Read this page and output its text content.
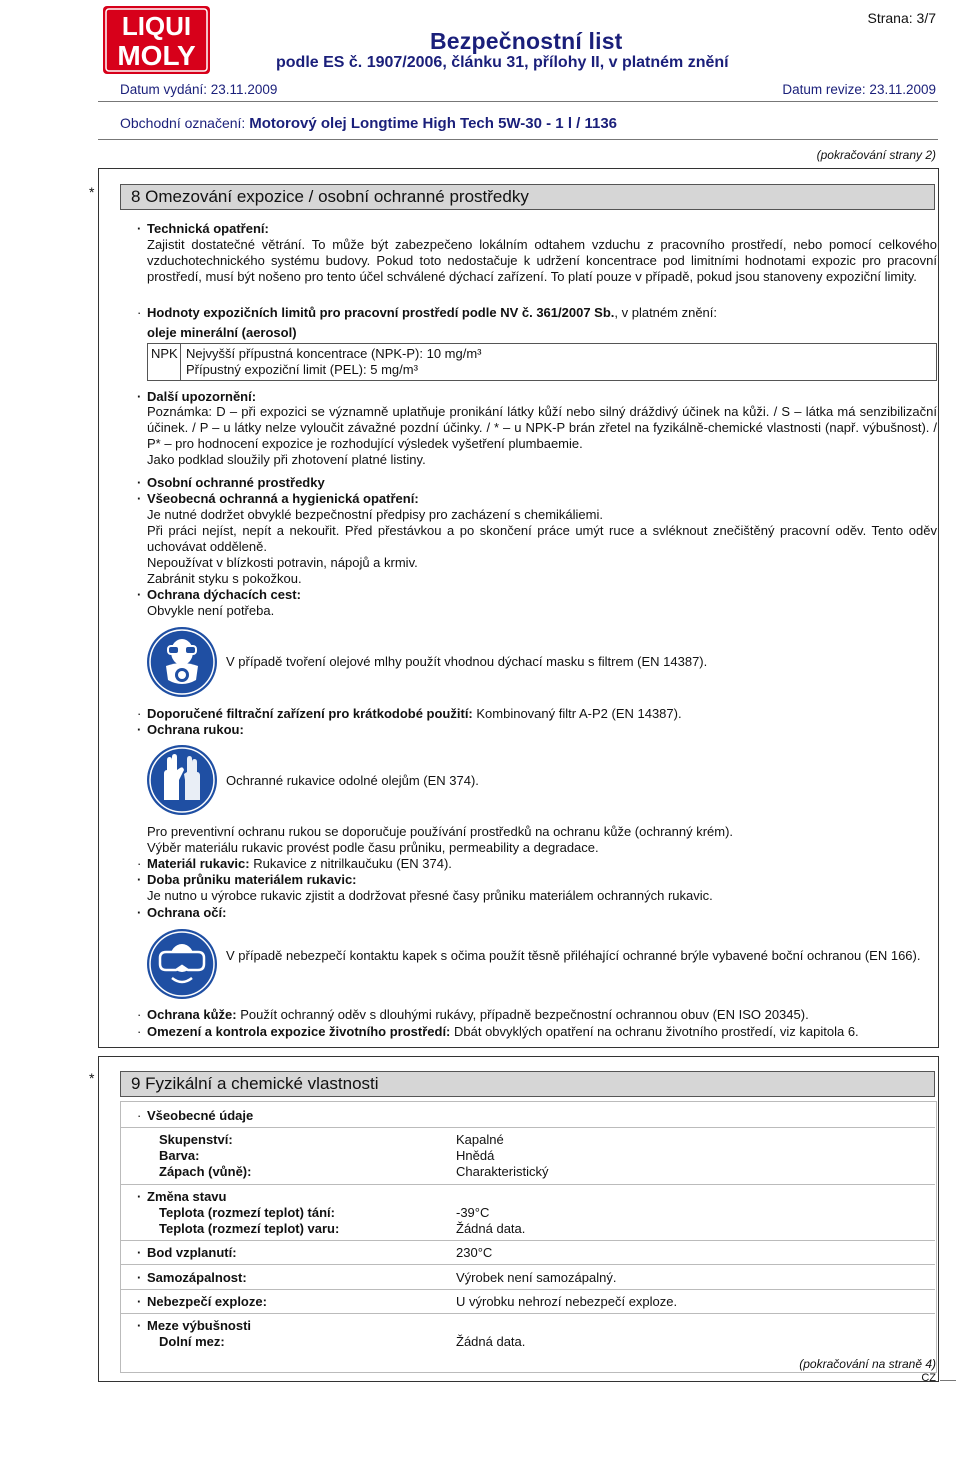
LIQUI
MOLY
Strana: 3/7
Bezpečnostní list
podle ES č. 1907/2006, článku 31, přílohy II, v platném znění
Datum vydání: 23.11.2009	Datum revize: 23.11.2009
Obchodní označení: Motorový olej Longtime High Tech 5W-30 - 1 l / 1136
(pokračování strany 2)
*	8 Omezování expozice / osobní ochranné prostředky
· Technická opatření:
Zajistit dostatečné větrání. To může být zabezpečeno lokálním odtahem vzduchu z pracovního prostředí, nebo pomocí celkového vzduchotechnického systému budovy. Pokud toto nedostačuje k udržení koncentrace pod limitními hodnotami expozic pro pracovní prostředí, musí být nošeno pro tento účel schválené dýchací zařízení. To platí pouze v případě, pokud jsou stanoveny expoziční limity.
· Hodnoty expozičních limitů pro pracovní prostředí podle NV č. 361/2007 Sb., v platném znění:
oleje minerální (aerosol)
NPK Nejvyšší přípustná koncentrace (NPK-P): 10 mg/m³
Přípustný expoziční limit (PEL): 5 mg/m³
· Další upozornění:
Poznámka: D – při expozici se významně uplatňuje pronikání látky kůží nebo silný dráždivý účinek na kůži. / S – látka má senzibilizační účinek. / P – u látky nelze vyloučit závažné pozdní účinky. / * – u NPK-P brán zřetel na fyzikálně-chemické vlastnosti (např. výbušnost). / P* – pro hodnocení expozice je rozhodující výsledek vyšetření plumbaemie.
Jako podklad sloužily při zhotovení platné listiny.
· Osobní ochranné prostředky
· Všeobecná ochranná a hygienická opatření:
Je nutné dodržet obvyklé bezpečnostní předpisy pro zacházení s chemikáliemi.
Při práci nejíst, nepít a nekouřit. Před přestávkou a po skončení práce umýt ruce a svléknout znečištěný pracovní oděv. Tento oděv uchovávat odděleně.
Nepoužívat v blízkosti potravin, nápojů a krmiv.
Zabránit styku s pokožkou.
· Ochrana dýchacích cest:
Obvykle není potřeba.
V případě tvoření olejové mlhy použít vhodnou dýchací masku s filtrem (EN 14387).
· Doporučené filtrační zařízení pro krátkodobé použití: Kombinovaný filtr A-P2 (EN 14387).
· Ochrana rukou:
Ochranné rukavice odolné olejům (EN 374).
Pro preventivní ochranu rukou se doporučuje používání prostředků na ochranu kůže (ochranný krém).
Výběr materiálu rukavic provést podle času průniku, permeability a degradace.
· Materiál rukavic: Rukavice z nitrilkaučuku (EN 374).
· Doba průniku materiálem rukavic:
Je nutno u výrobce rukavic zjistit a dodržovat přesné časy průniku materiálem ochranných rukavic.
· Ochrana očí:
V případě nebezpečí kontaktu kapek s očima použít těsně přiléhající ochranné brýle vybavené boční ochranou (EN 166).
· Ochrana kůže: Použít ochranný oděv s dlouhými rukávy, případně bezpečnostní ochrannou obuv (EN ISO 20345).
· Omezení a kontrola expozice životního prostředí: Dbát obvyklých opatření na ochranu životního prostředí, viz kapitola 6.
*	9 Fyzikální a chemické vlastnosti
· Všeobecné údaje
Skupenství:	Kapalné
Barva:	Hnědá
Zápach (vůně):	Charakteristický
· Změna stavu
Teplota (rozmezí teplot) tání:	-39°C
Teplota (rozmezí teplot) varu:	Žádná data.
· Bod vzplanutí:	230°C
· Samozápalnost:	Výrobek není samozápalný.
· Nebezpečí exploze:	U výrobku nehrozí nebezpečí exploze.
· Meze výbušnosti
Dolní mez:	Žádná data.
(pokračování na straně 4)
CZ
